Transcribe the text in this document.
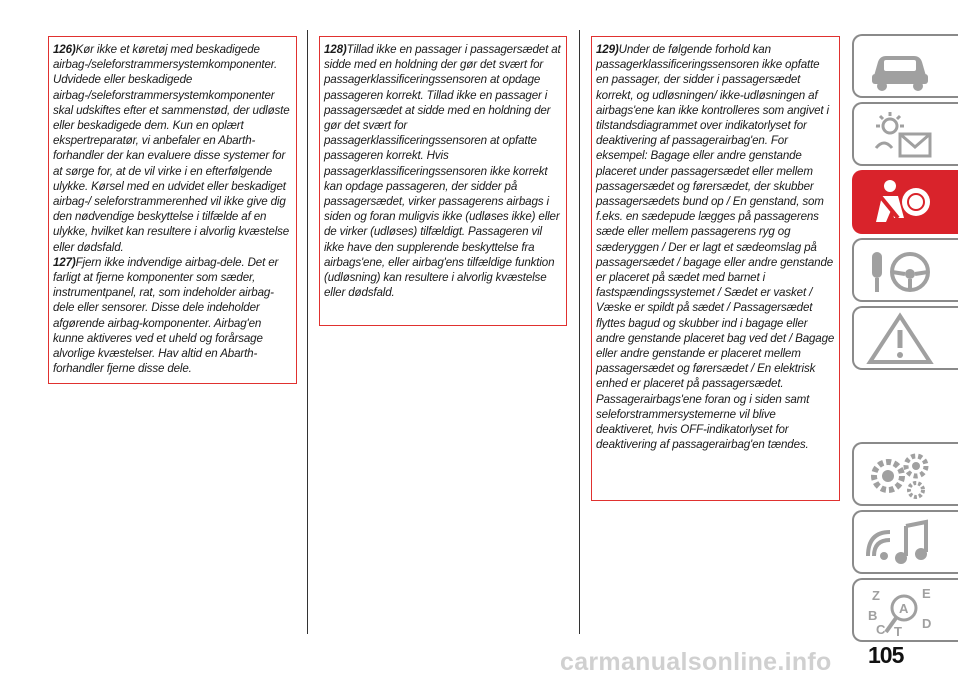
126)Kør ikke et køretøj med beskadigede airbag-/seleforstrammersystemkomponenter. Udvidede eller beskadigede airbag-/seleforstrammersystemkomponenter skal udskiftes efter et sammenstød, der udløste eller beskadigede dem. Kun en oplært ekspertreparatør, vi anbefaler en Abarth-forhandler der kan evaluere disse systemer for at sørge for, at de vil virke i en efterfølgende ulykke. Kørsel med en udvidet eller beskadiget airbag-/ seleforstrammerenhed vil ikke give dig den nødvendige beskyttelse i tilfælde af en ulykke, hvilket kan resultere i alvorlig kvæstelse eller dødsfald.

127)Fjern ikke indvendige airbag-dele. Det er farligt at fjerne komponenter som sæder, instrumentpanel, rat, som indeholder airbag-dele eller sensorer. Disse dele indeholder afgørende airbag-komponenter. Airbag'en kunne aktiveres ved et uheld og forårsage alvorlige kvæstelser. Hav altid en Abarth-forhandler fjerne disse dele.

128)Tillad ikke en passager i passagersædet at sidde med en holdning der gør det svært for passagerklassificeringssensoren at opdage passageren korrekt. Tillad ikke en passager i passagersædet at sidde med en holdning der gør det svært for passagerklassificeringssensoren at opfatte passageren korrekt. Hvis passagerklassificeringssensoren ikke korrekt kan opdage passageren, der sidder på passagersædet, virker passagerens airbags i siden og foran muligvis ikke (udløses ikke) eller de virker (udløses) tilfældigt. Passageren vil ikke have den supplerende beskyttelse fra airbags'ene, eller airbag'ens tilfældige funktion (udløsning) kan resultere i alvorlig kvæstelse eller dødsfald.

129)Under de følgende forhold kan passagerklassificeringssensoren ikke opfatte en passager, der sidder i passagersædet korrekt, og udløsningen/ ikke-udløsningen af airbags'ene kan ikke kontrolleres som angivet i tilstandsdiagrammet over indikatorlyset for deaktivering af passagerairbag'en. For eksempel: Bagage eller andre genstande placeret under passagersædet eller mellem passagersædet og førersædet, der skubber passagersædets bund op / En genstand, som f.eks. en sædepude lægges på passagerens sæde eller mellem passagerens ryg og sæderyggen / Der er lagt et sædeomslag på passagersædet / bagage eller andre genstande er placeret på sædet med barnet i fastspændingssystemet / Sædet er vasket / Væske er spildt på sædet / Passagersædet flyttes bagud og skubber ind i bagage eller andre genstande placeret bag ved det / Bagage eller andre genstande er placeret mellem passagersædet og førersædet / En elektrisk enhed er placeret på passagersædet. Passagerairbags'ene foran og i siden samt seleforstrammersystemerne vil blive deaktiveret, hvis OFF-indikatorlyset for deaktivering af passagerairbag'en tændes.

Z	E
A
B
C T
D
carmanualsonline.info 105
